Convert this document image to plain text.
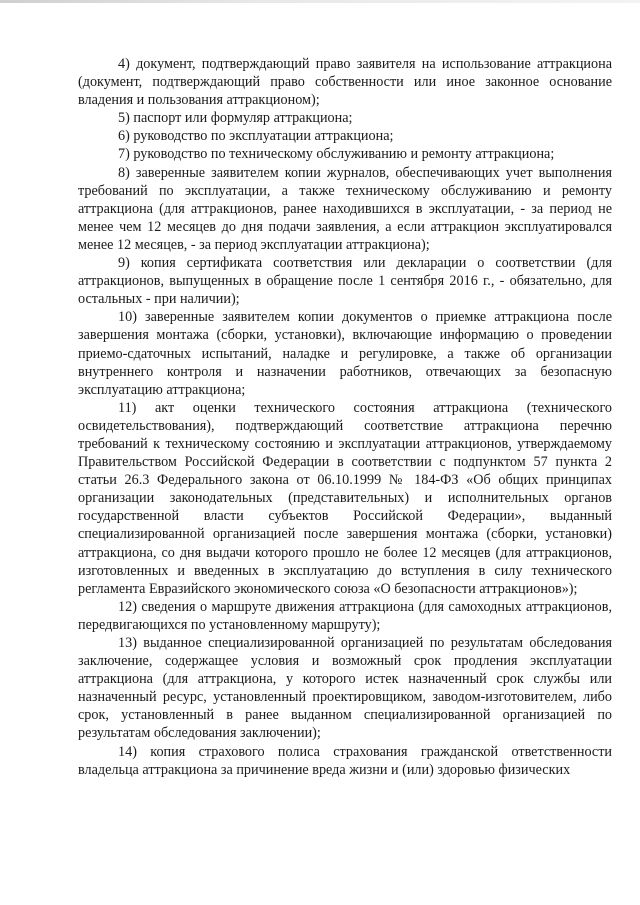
4) документ, подтверждающий право заявителя на использование аттракциона (документ, подтверждающий право собственности или иное законное основание владения и пользования аттракционом);

5) паспорт или формуляр аттракциона;

6) руководство по эксплуатации аттракциона;

7) руководство по техническому обслуживанию и ремонту аттракциона;

8) заверенные заявителем копии журналов, обеспечивающих учет выполнения требований по эксплуатации, а также техническому обслуживанию и ремонту аттракциона (для аттракционов, ранее находившихся в эксплуатации, - за период не менее чем 12 месяцев до дня подачи заявления, а если аттракцион эксплуатировался менее 12 месяцев, - за период эксплуатации аттракциона);

9) копия сертификата соответствия или декларации о соответствии (для аттракционов, выпущенных в обращение после 1 сентября 2016 г., - обязательно, для остальных - при наличии);

10) заверенные заявителем копии документов о приемке аттракциона после завершения монтажа (сборки, установки), включающие информацию о проведении приемо-сдаточных испытаний, наладке и регулировке, а также об организации внутреннего контроля и назначении работников, отвечающих за безопасную эксплуатацию аттракциона;

11) акт оценки технического состояния аттракциона (технического освидетельствования), подтверждающий соответствие аттракциона перечню требований к техническому состоянию и эксплуатации аттракционов, утверждаемому Правительством Российской Федерации в соответствии с подпунктом 57 пункта 2 статьи 26.3 Федерального закона от 06.10.1999 № 184-ФЗ «Об общих принципах организации законодательных (представительных) и исполнительных органов государственной власти субъектов Российской Федерации», выданный специализированной организацией после завершения монтажа (сборки, установки) аттракциона, со дня выдачи которого прошло не более 12 месяцев (для аттракционов, изготовленных и введенных в эксплуатацию до вступления в силу технического регламента Евразийского экономического союза «О безопасности аттракционов»);

12) сведения о маршруте движения аттракциона (для самоходных аттракционов, передвигающихся по установленному маршруту);

13) выданное специализированной организацией по результатам обследования заключение, содержащее условия и возможный срок продления эксплуатации аттракциона (для аттракциона, у которого истек назначенный срок службы или назначенный ресурс, установленный проектировщиком, заводом-изготовителем, либо срок, установленный в ранее выданном специализированной организацией по результатам обследования заключении);

14) копия страхового полиса страхования гражданской ответственности владельца аттракциона за причинение вреда жизни и (или) здоровью физических
